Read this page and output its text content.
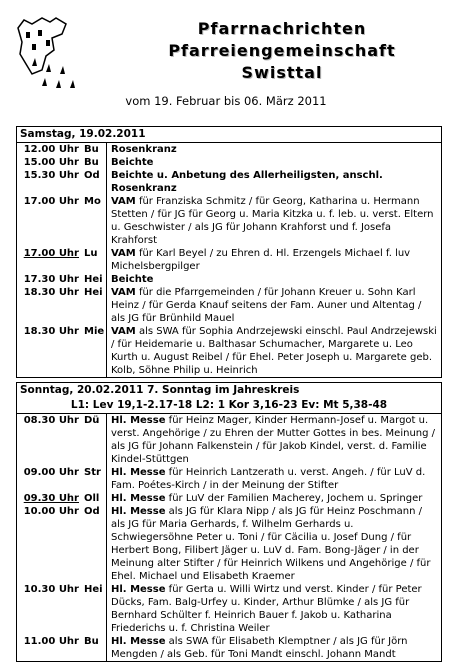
Pfarrnachrichten
Pfarreiengemeinschaft
Swisttal
vom 19. Februar bis 06. März 2011
Samstag, 19.02.2011
12.00 Uhr Bu	Rosenkranz
15.00 Uhr Bu	Beichte
15.30 Uhr Od	Beichte u. Anbetung des Allerheiligsten, anschl. Rosenkranz
17.00 Uhr Mo	VAM für Franziska Schmitz / für Georg, Katharina u. Hermann Stetten / für JG für Georg u. Maria Kitzka u. f. leb. u. verst. Eltern u. Geschwister / als JG für Johann Krahforst und f. Josefa Krahforst
17.00 Uhr Lu	VAM für Karl Beyel / zu Ehren d. Hl. Erzengels Michael f. luv Michelsbergpilger
17.30 Uhr Hei Beichte
18.30 Uhr Hei VAM für die Pfarrgemeinden / für Johann Kreuer u. Sohn Karl Heinz / für Gerda Knauf seitens der Fam. Auner und Altentag / als JG für Brünhild Mauel
18.30 Uhr Mie VAM als SWA für Sophia Andrzejewski einschl. Paul Andrzejewski / für Heidemarie u. Balthasar Schumacher, Margarete u. Leo Kurth u. August Reibel / für Ehel. Peter Joseph u. Margarete geb. Kolb, Söhne Philip u. Heinrich
Sonntag, 20.02.2011 7. Sonntag im Jahreskreis
L1: Lev 19,1-2.17-18 L2: 1 Kor 3,16-23 Ev: Mt 5,38-48
08.30 Uhr Dü	Hl. Messe für Heinz Mager, Kinder Hermann-Josef u. Margot u. verst. Angehörige / zu Ehren der Mutter Gottes in bes. Meinung / als JG für Johann Falkenstein / für Jakob Kindel, verst. d. Familie Kindel-Stüttgen
09.00 Uhr Str	Hl. Messe für Heinrich Lantzerath u. verst. Angeh. / für LuV d. Fam. Poétes-Kirch / in der Meinung der Stifter
09.30 Uhr Oll	Hl. Messe für LuV der Familien Macherey, Jochem u. Springer
10.00 Uhr Od	Hl. Messe als JG für Klara Nipp / als JG für Heinz Poschmann / als JG für Maria Gerhards, f. Wilhelm Gerhards u. Schwiegersöhne Peter u. Toni / für Cäcilia u. Josef Dung / für Herbert Bong, Filibert Jäger u. LuV d. Fam. Bong-Jäger / in der Meinung alter Stifter / für Heinrich Wilkens und Angehörige / für Ehel. Michael und Elisabeth Kraemer
10.30 Uhr Hei Hl. Messe für Gerta u. Willi Wirtz und verst. Kinder / für Peter Dücks, Fam. Balg-Urfey u. Kinder, Arthur Blümke / als JG für Bernhard Schülter f. Heinrich Bauer f. Jakob u. Katharina Friederichs u. f. Christina Weiler
11.00 Uhr Bu	Hl. Messe als SWA für Elisabeth Klemptner / als JG für Jörn Mengden / als Geb. für Toni Mandt einschl. Johann Mandt
